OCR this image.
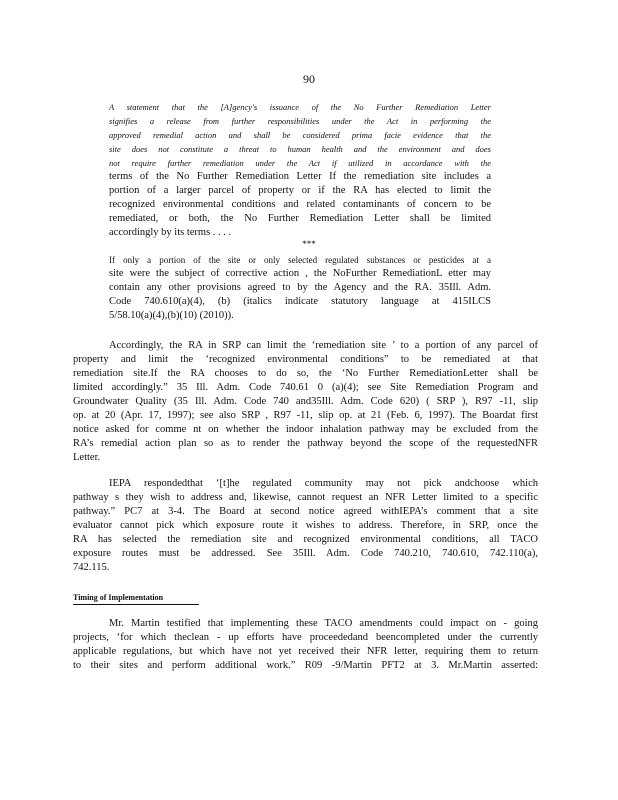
90
A statement that the [A]gency's issuance of the No Further Remediation Letter
signifies a release from further responsibilities under the Act in performing the
approved remedial action and shall be considered prima facie evidence that the
site does not constitute a threat to human health and the environment and does
not require further remediation under the Act if utilized in accordance with the
terms of the No Further Remediation Letter If the remediation site includes a
portion of a larger parcel of property or if the RA has elected to limit the
recognized environmental conditions and related contaminants of concern to be
remediated, or both, the No Further Remediation Letter shall be limited
accordingly by its terms . . . .
***
If only a portion of the site or only selected regulated substances or pesticides at a
site were the subject of corrective action , the NoFurther RemediationL etter may
contain any other provisions agreed to by the Agency and the RA. 35Ill. Adm.
Code 740.610(a)(4), (b) (italics indicate statutory language at 415ILCS
5/58.10(a)(4),(b)(10) (2010)).
Accordingly, the RA in SRP can limit the ‘remediation site ’ to a portion of any parcel of
property and limit the ‘recognized environmental conditions” to be remediated at that
remediation site.If the RA chooses to do so, the ‘No Further RemediationLetter shall be
limited accordingly.” 35 Ill. Adm. Code 740.61 0 (a)(4); see Site Remediation Program and
Groundwater Quality (35 Ill. Adm. Code 740 and35Ill. Adm. Code 620) ( SRP ), R97 -11, slip
op. at 20 (Apr. 17, 1997); see also SRP , R97 -11, slip op. at 21 (Feb. 6, 1997). The Boardat first
notice asked for comme nt on whether the indoor inhalation pathway may be excluded from the
RA’s remedial action plan so as to render the pathway beyond the scope of the requestedNFR
Letter.
IEPA respondedthat ‘[t]he regulated community may not pick andchoose which
pathway s they wish to address and, likewise, cannot request an NFR Letter limited to a specific
pathway.” PC7 at 3-4. The Board at second notice agreed withIEPA’s comment that a site
evaluator cannot pick which exposure route it wishes to address. Therefore, in SRP, once the
RA has selected the remediation site and recognized environmental conditions, all TACO
exposure routes must be addressed. See 35Ill. Adm. Code 740.210, 740.610, 742.110(a),
742.115.
Timing of Implementation
Mr. Martin testified that implementing these TACO amendments could impact on - going
projects, ‘for which theclean - up efforts have proceededand beencompleted under the currently
applicable regulations, but which have not yet received their NFR letter, requiring them to return
to their sites and perform additional work.” R09 -9/Martin PFT2 at 3. Mr.Martin asserted:
